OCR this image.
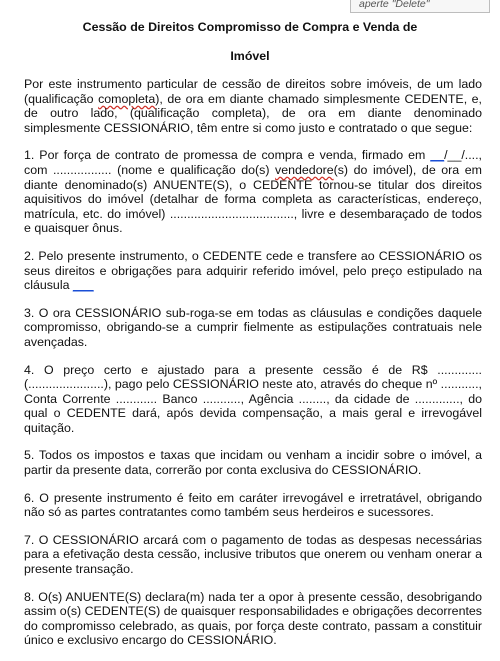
aperte "Delete"
Cessão de Direitos Compromisso de Compra e Venda de
Imóvel

Por este instrumento particular de cessão de direitos sobre imóveis, de um lado (qualificação comopleta), de ora em diante chamado simplesmente CEDENTE, e, de outro lado, (qualificação completa), de ora em diante denominado simplesmente CESSIONÁRIO, têm entre si como justo e contratado o que segue:

1. Por força de contrato de promessa de compra e venda, firmado em __/__/...., com ................. (nome e qualificação do(s) vendedore(s) do imóvel), de ora em diante denominado(s) ANUENTE(S), o CEDENTE tornou-se titular dos direitos aquisitivos do imóvel (detalhar de forma completa as características, endereço, matrícula, etc. do imóvel) ...................................., livre e desembaraçado de todos e quaisquer ônus.

2. Pelo presente instrumento, o CEDENTE cede e transfere ao CESSIONÁRIO os seus direitos e obrigações para adquirir referido imóvel, pelo preço estipulado na cláusula ___

3. O ora CESSIONÁRIO sub-roga-se em todas as cláusulas e condições daquele compromisso, obrigando-se a cumprir fielmente as estipulações contratuais nele avençadas.

4. O preço certo e ajustado para a presente cessão é de R$ ............. (......................), pago pelo CESSIONÁRIO neste ato, através do cheque nº ..........., Conta Corrente ............ Banco ..........., Agência ........, da cidade de ............., do qual o CEDENTE dará, após devida compensação, a mais geral e irrevogável quitação.

5. Todos os impostos e taxas que incidam ou venham a incidir sobre o imóvel, a partir da presente data, correrão por conta exclusiva do CESSIONÁRIO.

6. O presente instrumento é feito em caráter irrevogável e irretratável, obrigando não só as partes contratantes como também seus herdeiros e sucessores.

7. O CESSIONÁRIO arcará com o pagamento de todas as despesas necessárias para a efetivação desta cessão, inclusive tributos que onerem ou venham onerar a presente transação.

8. O(s) ANUENTE(S) declara(m) nada ter a opor à presente cessão, desobrigando assim o(s) CEDENTE(S) de quaisquer responsabilidades e obrigações decorrentes do compromisso celebrado, as quais, por força deste contrato, passam a constituir único e exclusivo encargo do CESSIONÁRIO.
